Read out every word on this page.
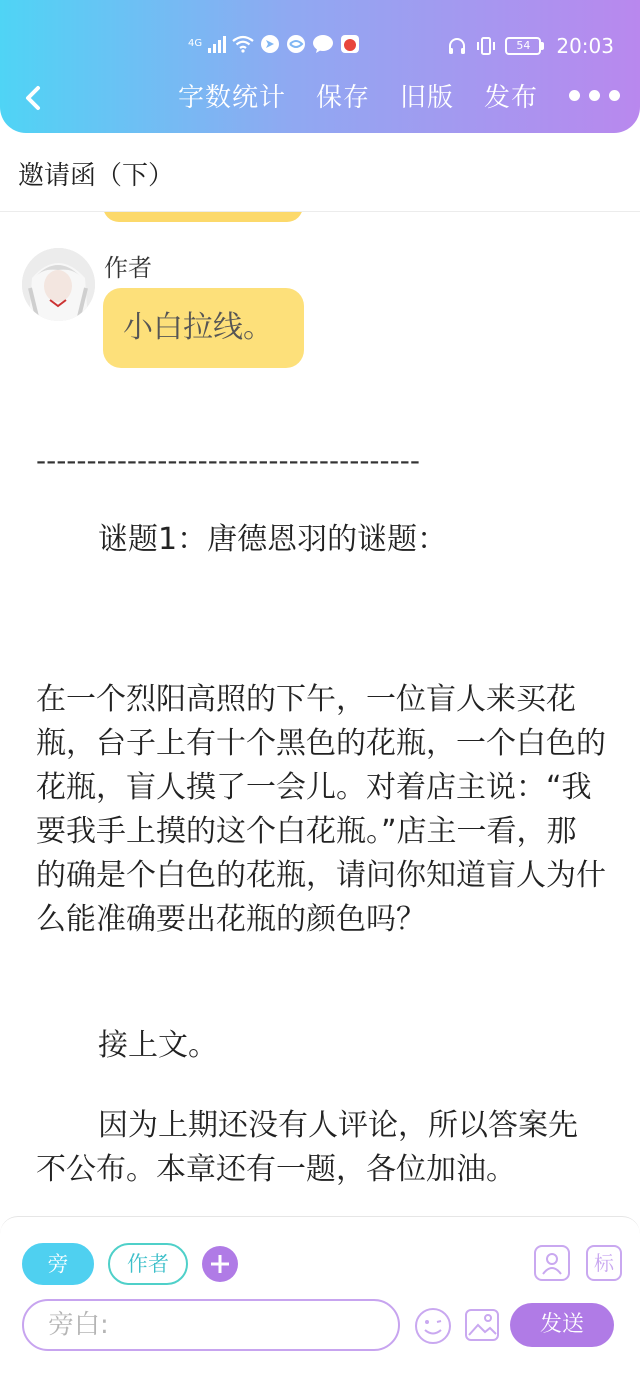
4G	54	20:03
字数统计 保存 旧版 发布
邀请函（下）
作者
小白拉线。
--------------------------------------
谜题1：唐德恩羽的谜题：
在一个烈阳高照的下午，一位盲人来买花瓶，台子上有十个黑色的花瓶，一个白色的花瓶，盲人摸了一会儿。对着店主说：“我要我手上摸的这个白花瓶。”店主一看，那的确是个白色的花瓶，请问你知道盲人为什么能准确要出花瓶的颜色吗？
接上文。
因为上期还没有人评论，所以答案先不公布。本章还有一题，各位加油。
旁	作者	标
旁白:
发送
